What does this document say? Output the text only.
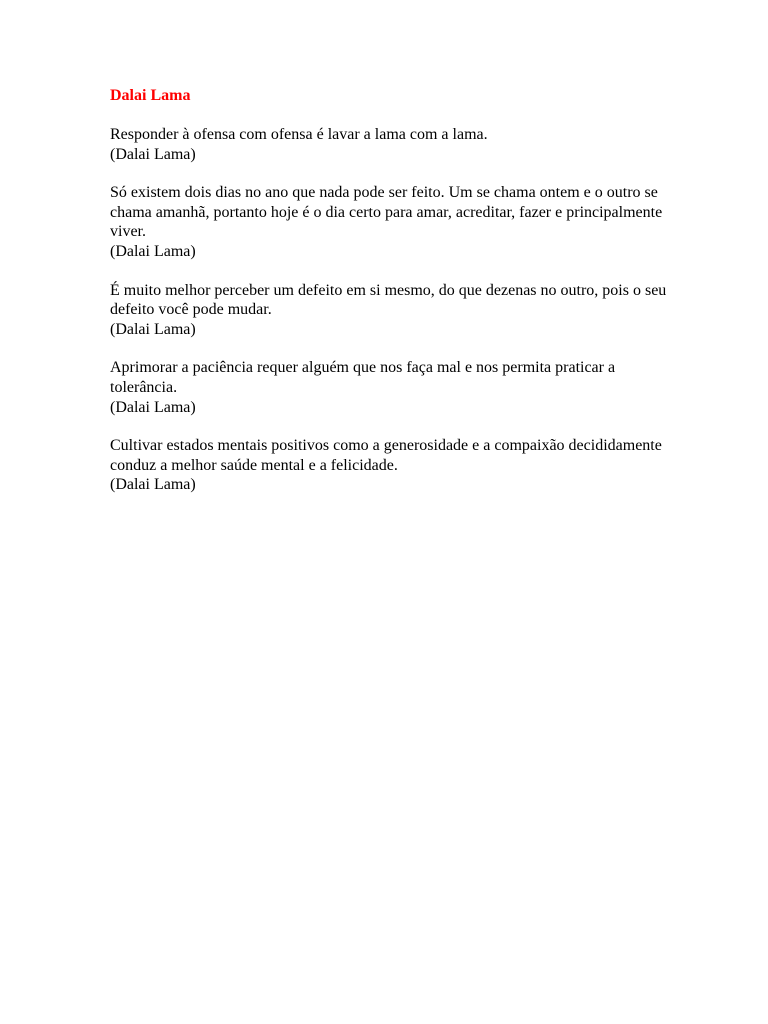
Dalai Lama
Responder à ofensa com ofensa é lavar a lama com a lama.
(Dalai Lama)
Só existem dois dias no ano que nada pode ser feito. Um se chama ontem e o outro se chama amanhã, portanto hoje é o dia certo para amar, acreditar, fazer e principalmente viver.
(Dalai Lama)
É muito melhor perceber um defeito em si mesmo, do que dezenas no outro, pois o seu defeito você pode mudar.
(Dalai Lama)
Aprimorar a paciência requer alguém que nos faça mal e nos permita praticar a tolerância.
(Dalai Lama)
Cultivar estados mentais positivos como a generosidade e a compaixão decididamente conduz a melhor saúde mental e a felicidade.
(Dalai Lama)
